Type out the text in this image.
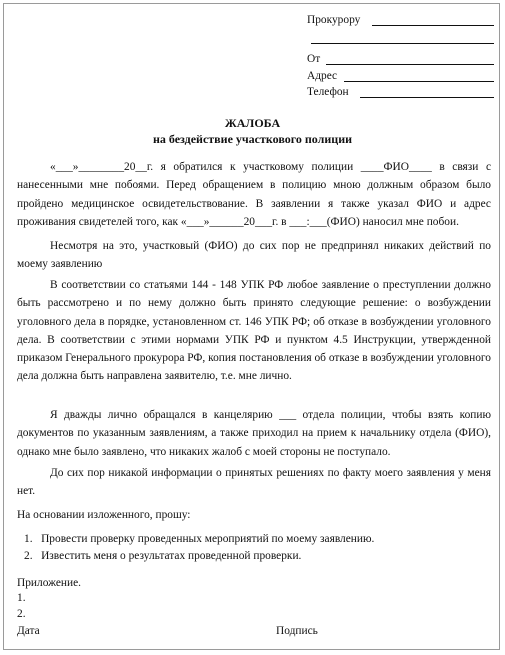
Прокурору
От
Адрес
Телефон
ЖАЛОБА
на бездействие участкового полиции
«___»________20__г. я обратился к участковому полиции ____ФИО____ в связи с нанесенными мне побоями. Перед обращением в полицию мною должным образом было пройдено медицинское освидетельствование. В заявлении я также указал ФИО и адрес проживания свидетелей того, как «___»______20___г. в ___:___(ФИО) наносил мне побои.
Несмотря на это, участковый (ФИО) до сих пор не предпринял никаких действий по моему заявлению
В соответствии со статьями 144 - 148 УПК РФ любое заявление о преступлении должно быть рассмотрено и по нему должно быть принято следующие решение: о возбуждении уголовного дела в порядке, установленном ст. 146 УПК РФ; об отказе в возбуждении уголовного дела. В соответствии с этими нормами УПК РФ и пунктом 4.5 Инструкции, утвержденной приказом Генерального прокурора РФ, копия постановления об отказе в возбуждении уголовного дела должна быть направлена заявителю, т.е. мне лично.
Я дважды лично обращался в канцелярию ___ отдела полиции, чтобы взять копию документов по указанным заявлениям, а также приходил на прием к начальнику отдела (ФИО), однако мне было заявлено, что никаких жалоб с моей стороны не поступало.
До сих пор никакой информации о принятых решениях по факту моего заявления у меня нет.
На основании изложенного, прошу:
1.   Провести проверку проведенных мероприятий по моему заявлению.
2.   Известить меня о результатах проведенной проверки.
Приложение.
1.
2.
Дата	Подпись
